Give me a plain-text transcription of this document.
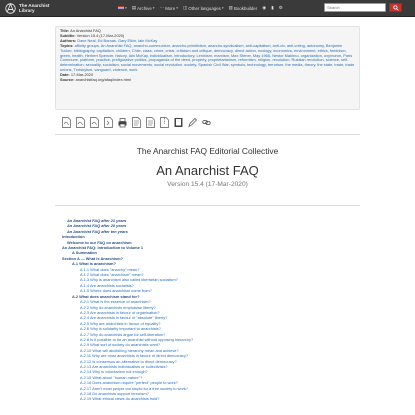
The Anarchist
Library	▾ ▤ Archive ▾ ⋯ More ▾ ◫ Other languages ▾ ▥ Bookbuilder ◉ ▮ ⚙
Search
Title: An Anarchist FAQ
Subtitle: Version 15.4 (17-Mar-2020)
Authors: Dave Neal, Ed Boraas, Gary Elkin, Iain McKay
Topics: affinity groups, An Anarchist FAQ, anarcho-communism, anarcho-primitivism, anarcho-syndicalism, anti-capitalism, anti-civ, anti-voting, autonomy, Benjamin Tucker, bibliography, capitalism, children, Chile, class, crime, crisis, criticism and critique, democracy, direct action, ecology, economics, environment, ethics, feminism, green, health, Herbert Spencer, history, Iain McKay, individualism, introductory, Leninism, marxism, Max Stirner, May 1968, Nestor Makhno, organization, oxymoron, Paris Commune, platform, practice, prefigurative politics, propaganda of the deed, property, proprietarianism, reformism, religion, revolution, Russian revolution, science, self-determination, sexuality, socialism, social movements, social revolution, society, Spanish Civil War, symbols, technology, terrorism, the media, theory, the state, trade, trade unions, Trotskyism, vanguard, violence, work
Date: 17-Mar-2020
Source: anarchistfaq.org/afaq/index.html
The Anarchist FAQ Editorial Collective
An Anarchist FAQ
Version 15.4 (17-Mar-2020)
An Anarchist FAQ after 21 years
An Anarchist FAQ after 20 years
An Anarchist FAQ after ten years
Introduction
Welcome to our FAQ on anarchism
An Anarchist FAQ: Introduction to Volume 1
A Summation
Section A — What is Anarchism?
A.1 What is anarchism?
A.1.1 What does "anarchy" mean?
A.1.2 What does "anarchism" mean?
A.1.3 Why is anarchism also called libertarian socialism?
A.1.4 Are anarchists socialists?
A.1.5 Where does anarchism come from?
A.2 What does anarchism stand for?
A.2.1 What is the essence of anarchism?
A.2.2 Why do anarchists emphasise liberty?
A.2.3 Are anarchists in favour of organisation?
A.2.4 Are anarchists in favour of "absolute" liberty?
A.2.5 Why are anarchists in favour of equality?
A.2.6 Why is solidarity important to anarchists?
A.2.7 Why do anarchists argue for self-liberation?
A.2.8 Is it possible to be an anarchist without opposing hierarchy?
A.2.9 What sort of society do anarchists want?
A.2.10 What will abolishing hierarchy mean and achieve?
A.2.11 Why are most anarchists in favour of direct democracy?
A.2.12 Is consensus an alternative to direct democracy?
A.2.13 Are anarchists individualists or collectivists?
A.2.14 Why is voluntarism not enough?
A.2.15 What about "human nature"?
A.2.16 Does anarchism require "perfect" people to work?
A.2.17 Aren't most people too stupid for a free society to work?
A.2.18 Do anarchists support terrorism?
A.2.19 What ethical views do anarchists hold?
